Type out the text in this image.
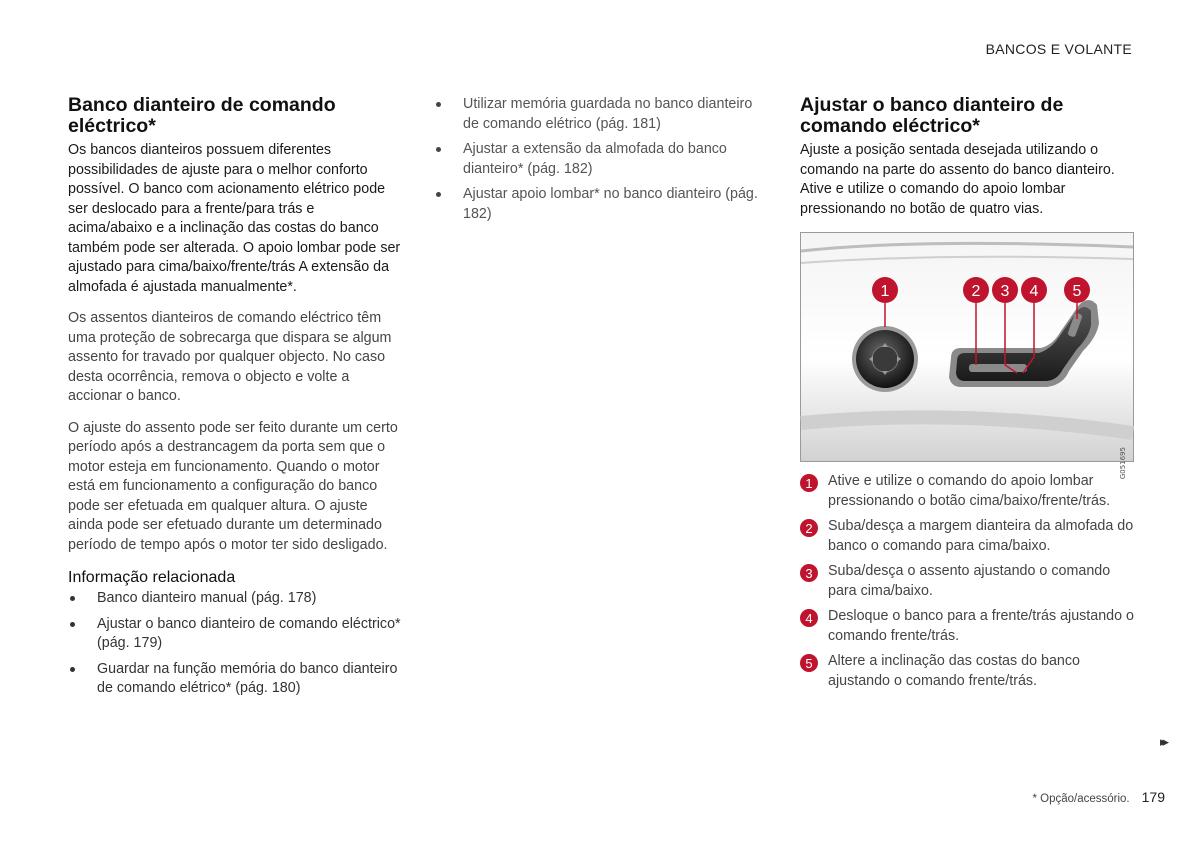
BANCOS E VOLANTE
Banco dianteiro de comando eléctrico*

Os bancos dianteiros possuem diferentes possibilidades de ajuste para o melhor conforto possível. O banco com acionamento elétrico pode ser deslocado para a frente/para trás e acima/abaixo e a inclinação das costas do banco também pode ser alterada. O apoio lombar pode ser ajustado para cima/baixo/frente/trás A extensão da almofada é ajustada manualmente*.

Os assentos dianteiros de comando eléctrico têm uma proteção de sobrecarga que dispara se algum assento for travado por qualquer objecto. No caso desta ocorrência, remova o objecto e volte a accionar o banco.

O ajuste do assento pode ser feito durante um certo período após a destrancagem da porta sem que o motor esteja em funcionamento. Quando o motor está em funcionamento a configuração do banco pode ser efetuada em qualquer altura. O ajuste ainda pode ser efetuado durante um determinado período de tempo após o motor ter sido desligado.

Informação relacionada
Banco dianteiro manual (pág. 178)
Ajustar o banco dianteiro de comando eléctrico* (pág. 179)
Guardar na função memória do banco dianteiro de comando elétrico* (pág. 180)
Utilizar memória guardada no banco dianteiro de comando elétrico (pág. 181)
Ajustar a extensão da almofada do banco dianteiro* (pág. 182)
Ajustar apoio lombar* no banco dianteiro (pág. 182)
Ajustar o banco dianteiro de comando eléctrico*

Ajuste a posição sentada desejada utilizando o comando na parte do assento do banco dianteiro. Ative e utilize o comando do apoio lombar pressionando no botão de quatro vias.

1	2 3 4 5
G051695
1 Ative e utilize o comando do apoio lombar pressionando o botão cima/baixo/frente/trás.
2 Suba/desça a margem dianteira da almofada do banco o comando para cima/baixo.
3 Suba/desça o assento ajustando o comando para cima/baixo.
4 Desloque o banco para a frente/trás ajustando o comando frente/trás.
5 Altere a inclinação das costas do banco ajustando o comando frente/trás.
▸▸
* Opção/acessório. 179
